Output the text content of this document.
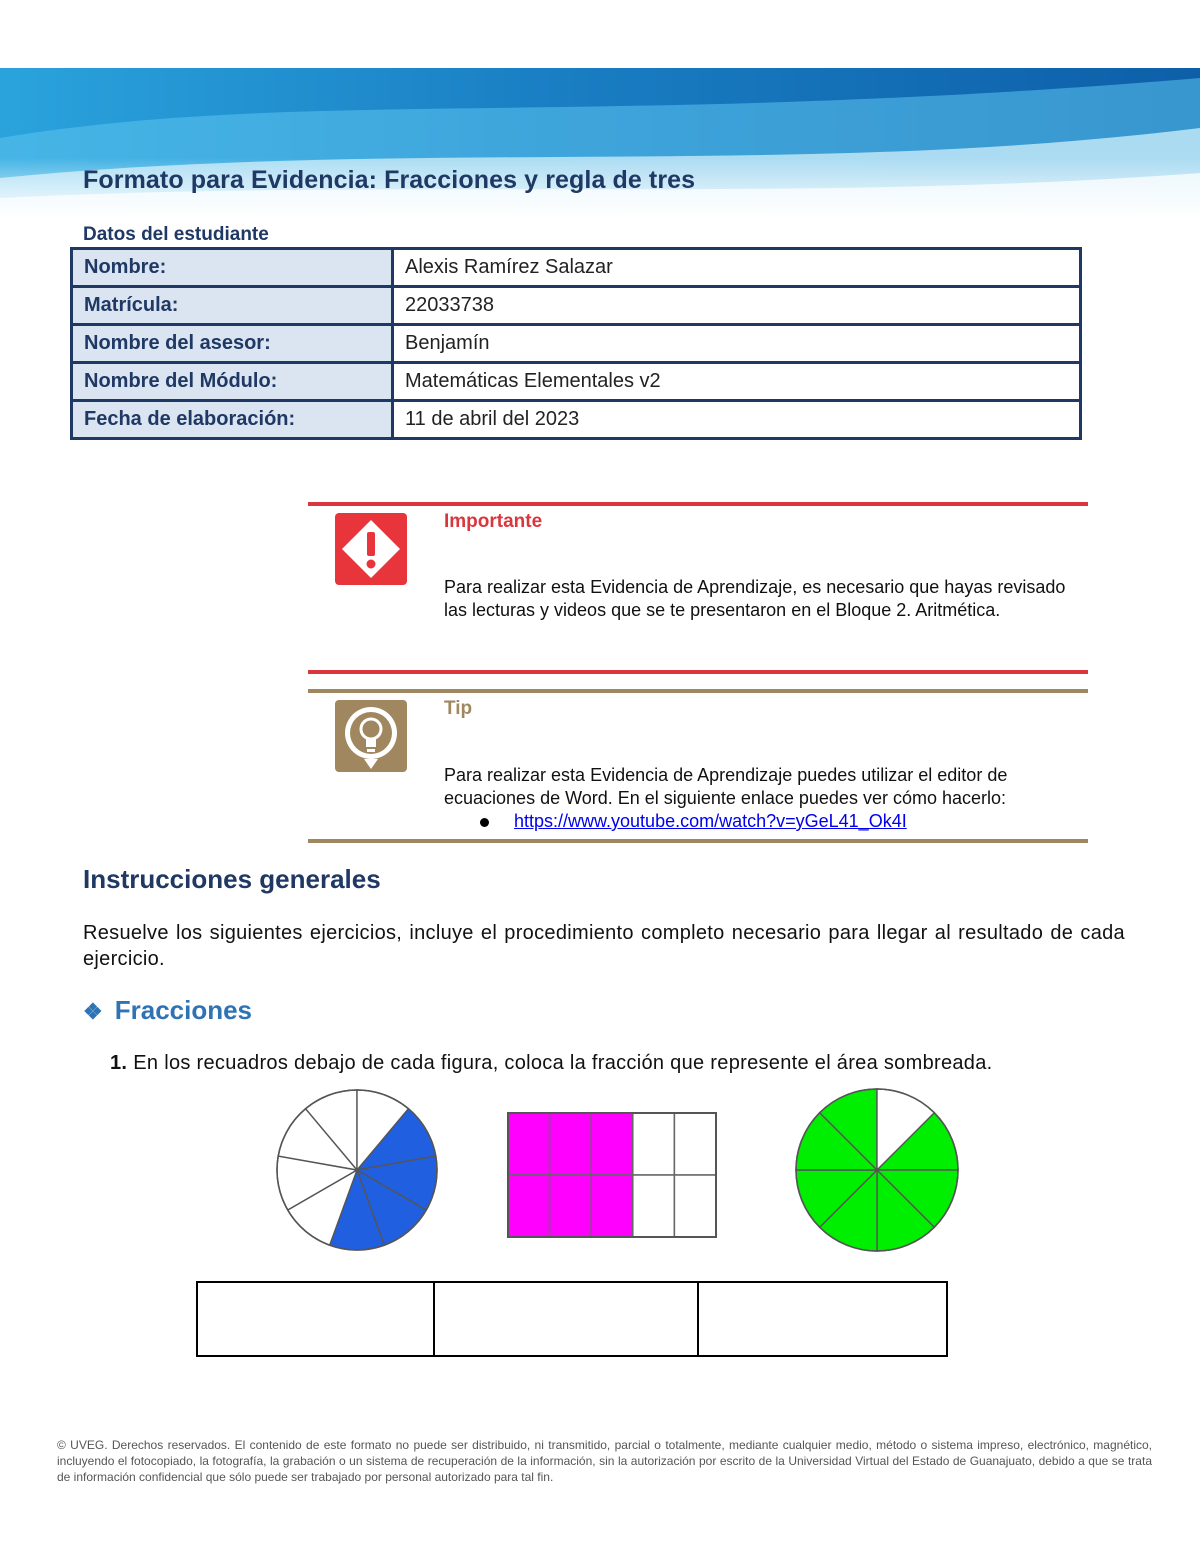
Formato para Evidencia: Fracciones y regla de tres
Datos del estudiante
Nombre:	Alexis Ramírez Salazar
Matrícula:	22033738
Nombre del asesor:	Benjamín
Nombre del Módulo:	Matemáticas Elementales v2
Fecha de elaboración:	11 de abril del 2023
Importante
Para realizar esta Evidencia de Aprendizaje, es necesario que hayas revisado las lecturas y videos que se te presentaron en el Bloque 2. Aritmética.
Tip
Para realizar esta Evidencia de Aprendizaje puedes utilizar el editor de ecuaciones de Word. En el siguiente enlace puedes ver cómo hacerlo:
https://www.youtube.com/watch?v=yGeL41_Ok4I
Instrucciones generales
Resuelve los siguientes ejercicios, incluye el procedimiento completo necesario para llegar al resultado de cada ejercicio.
❖ Fracciones
1. En los recuadros debajo de cada figura, coloca la fracción que represente el área sombreada.
© UVEG. Derechos reservados. El contenido de este formato no puede ser distribuido, ni transmitido, parcial o totalmente, mediante cualquier medio, método o sistema impreso, electrónico, magnético, incluyendo el fotocopiado, la fotografía, la grabación o un sistema de recuperación de la información, sin la autorización por escrito de la Universidad Virtual del Estado de Guanajuato, debido a que se trata de información confidencial que sólo puede ser trabajado por personal autorizado para tal fin.
